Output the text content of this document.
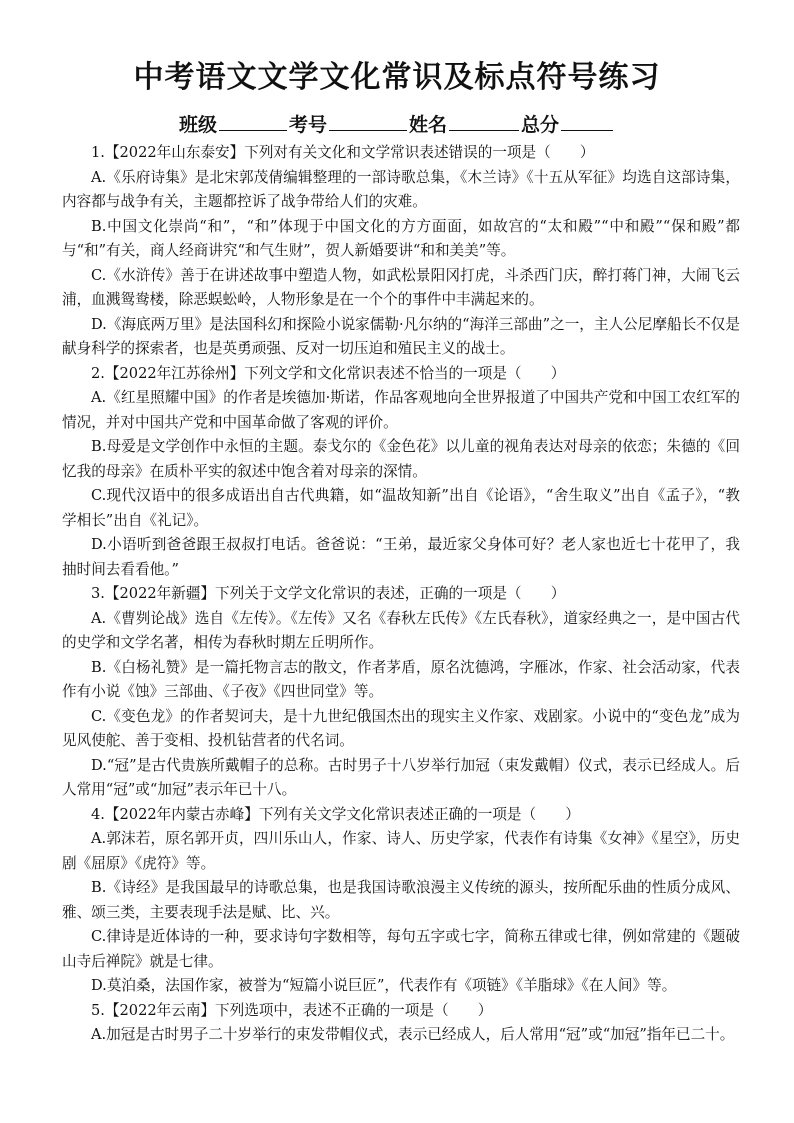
中考语文文学文化常识及标点符号练习
班级	考号	姓名	总分

1.【2022年山东泰安】下列对有关文化和文学常识表述错误的一项是（　　）

A.《乐府诗集》是北宋郭茂倩编辑整理的一部诗歌总集，《木兰诗》《十五从军征》均选自这部诗集，内容都与战争有关，主题都控诉了战争带给人们的灾难。

B.中国文化崇尚“和”，“和”体现于中国文化的方方面面，如故宫的“太和殿”“中和殿”“保和殿”都与“和”有关，商人经商讲究“和气生财”，贺人新婚要讲“和和美美”等。

C.《水浒传》善于在讲述故事中塑造人物，如武松景阳冈打虎，斗杀西门庆，醉打蒋门神，大闹飞云浦，血溅鸳鸯楼，除恶蜈蚣岭，人物形象是在一个个的事件中丰满起来的。

D.《海底两万里》是法国科幻和探险小说家儒勒·凡尔纳的“海洋三部曲”之一，主人公尼摩船长不仅是献身科学的探索者，也是英勇顽强、反对一切压迫和殖民主义的战士。

2.【2022年江苏徐州】下列文学和文化常识表述不恰当的一项是（　　）

A.《红星照耀中国》的作者是埃德加·斯诺，作品客观地向全世界报道了中国共产党和中国工农红军的情况，并对中国共产党和中国革命做了客观的评价。

B.母爱是文学创作中永恒的主题。泰戈尔的《金色花》以儿童的视角表达对母亲的依恋；朱德的《回忆我的母亲》在质朴平实的叙述中饱含着对母亲的深情。

C.现代汉语中的很多成语出自古代典籍，如“温故知新”出自《论语》，“舍生取义”出自《孟子》，“教学相长”出自《礼记》。

D.小语听到爸爸跟王叔叔打电话。爸爸说：“王弟，最近家父身体可好？老人家也近七十花甲了，我抽时间去看看他。”

3.【2022年新疆】下列关于文学文化常识的表述，正确的一项是（　　）

A.《曹刿论战》选自《左传》。《左传》又名《春秋左氏传》《左氏春秋》，道家经典之一，是中国古代的史学和文学名著，相传为春秋时期左丘明所作。

B.《白杨礼赞》是一篇托物言志的散文，作者茅盾，原名沈德鸿，字雁冰，作家、社会活动家，代表作有小说《蚀》三部曲、《子夜》《四世同堂》等。

C.《变色龙》的作者契诃夫，是十九世纪俄国杰出的现实主义作家、戏剧家。小说中的“变色龙”成为见风使舵、善于变相、投机钻营者的代名词。

D.“冠”是古代贵族所戴帽子的总称。古时男子十八岁举行加冠（束发戴帽）仪式，表示已经成人。后人常用“冠”或“加冠”表示年已十八。

4.【2022年内蒙古赤峰】下列有关文学文化常识表述正确的一项是（　　）

A.郭沫若，原名郭开贞，四川乐山人，作家、诗人、历史学家，代表作有诗集《女神》《星空》，历史剧《屈原》《虎符》等。

B.《诗经》是我国最早的诗歌总集，也是我国诗歌浪漫主义传统的源头，按所配乐曲的性质分成风、雅、颂三类，主要表现手法是赋、比、兴。

C.律诗是近体诗的一种，要求诗句字数相等，每句五字或七字，简称五律或七律，例如常建的《题破山寺后禅院》就是七律。

D.莫泊桑，法国作家，被誉为“短篇小说巨匠”，代表作有《项链》《羊脂球》《在人间》等。

5.【2022年云南】下列选项中，表述不正确的一项是（　　）

A.加冠是古时男子二十岁举行的束发带帽仪式，表示已经成人，后人常用“冠”或“加冠”指年已二十。
